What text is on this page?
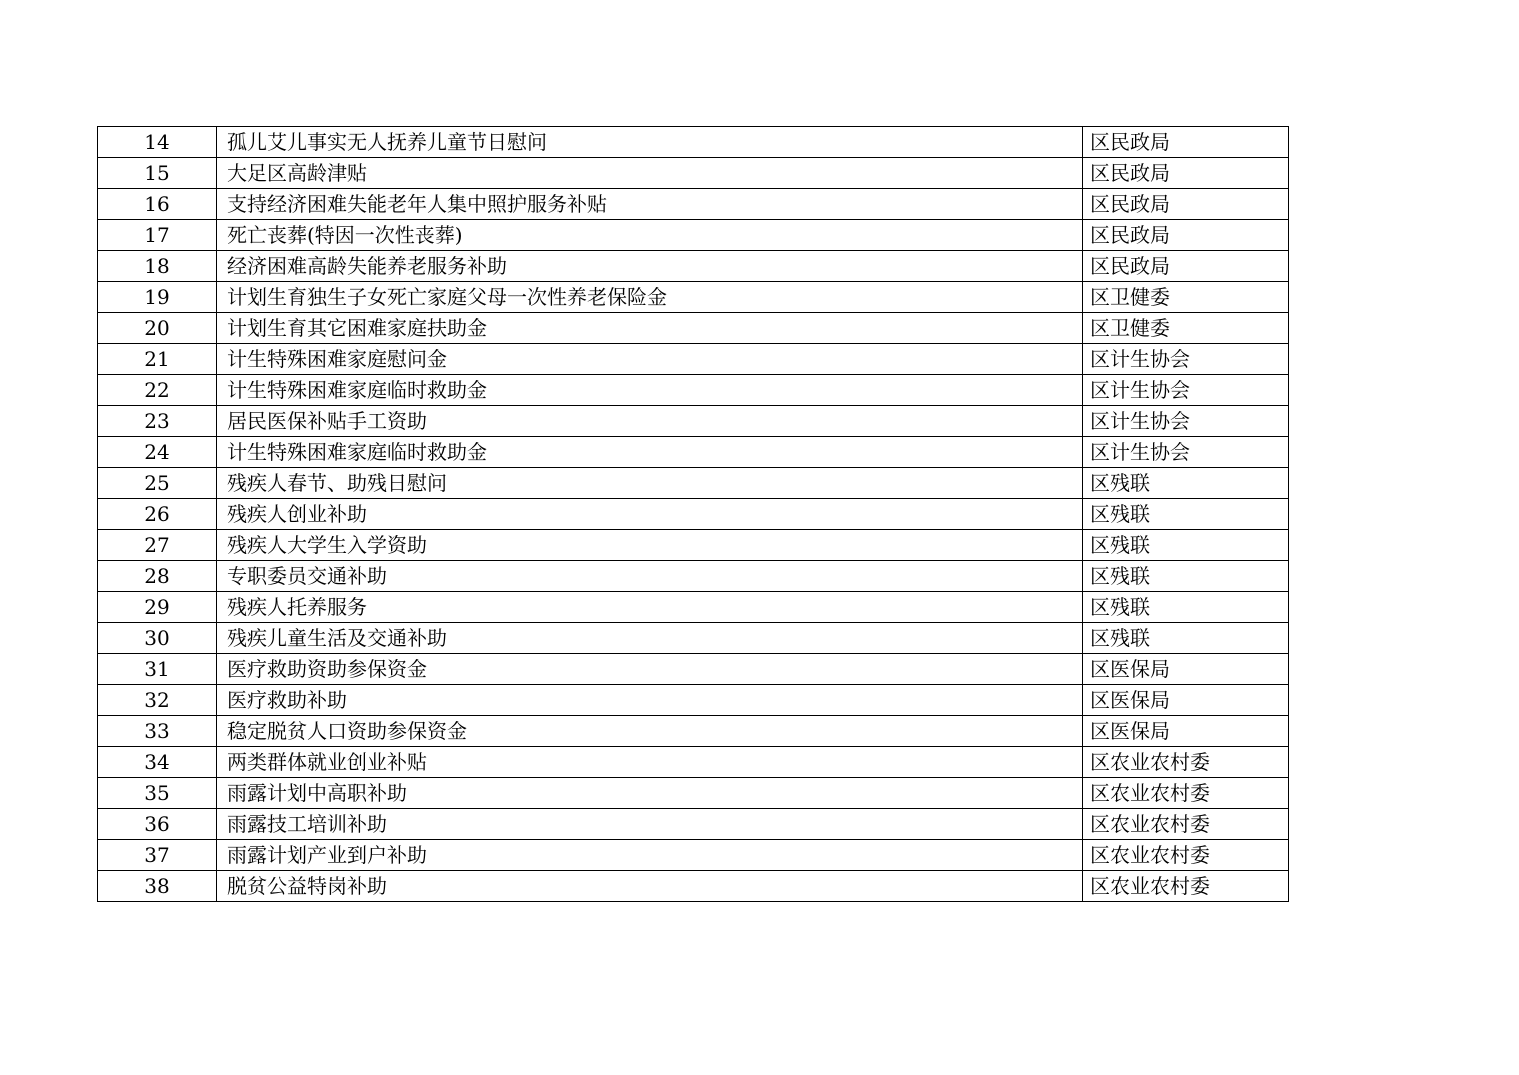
14	孤儿艾儿事实无人抚养儿童节日慰问	区民政局

15	大足区高龄津贴	区民政局

16	支持经济困难失能老年人集中照护服务补贴	区民政局

17	死亡丧葬(特因一次性丧葬)	区民政局

18	经济困难高龄失能养老服务补助	区民政局

19	计划生育独生子女死亡家庭父母一次性养老保险金	区卫健委

20	计划生育其它困难家庭扶助金	区卫健委

21	计生特殊困难家庭慰问金	区计生协会

22	计生特殊困难家庭临时救助金	区计生协会

23	居民医保补贴手工资助	区计生协会

24	计生特殊困难家庭临时救助金	区计生协会

25	残疾人春节、助残日慰问	区残联

26	残疾人创业补助	区残联

27	残疾人大学生入学资助	区残联

28	专职委员交通补助	区残联

29	残疾人托养服务	区残联

30	残疾儿童生活及交通补助	区残联

31	医疗救助资助参保资金	区医保局

32	医疗救助补助	区医保局

33	稳定脱贫人口资助参保资金	区医保局

34	两类群体就业创业补贴	区农业农村委

35	雨露计划中高职补助	区农业农村委

36	雨露技工培训补助	区农业农村委

37	雨露计划产业到户补助	区农业农村委

38	脱贫公益特岗补助	区农业农村委
